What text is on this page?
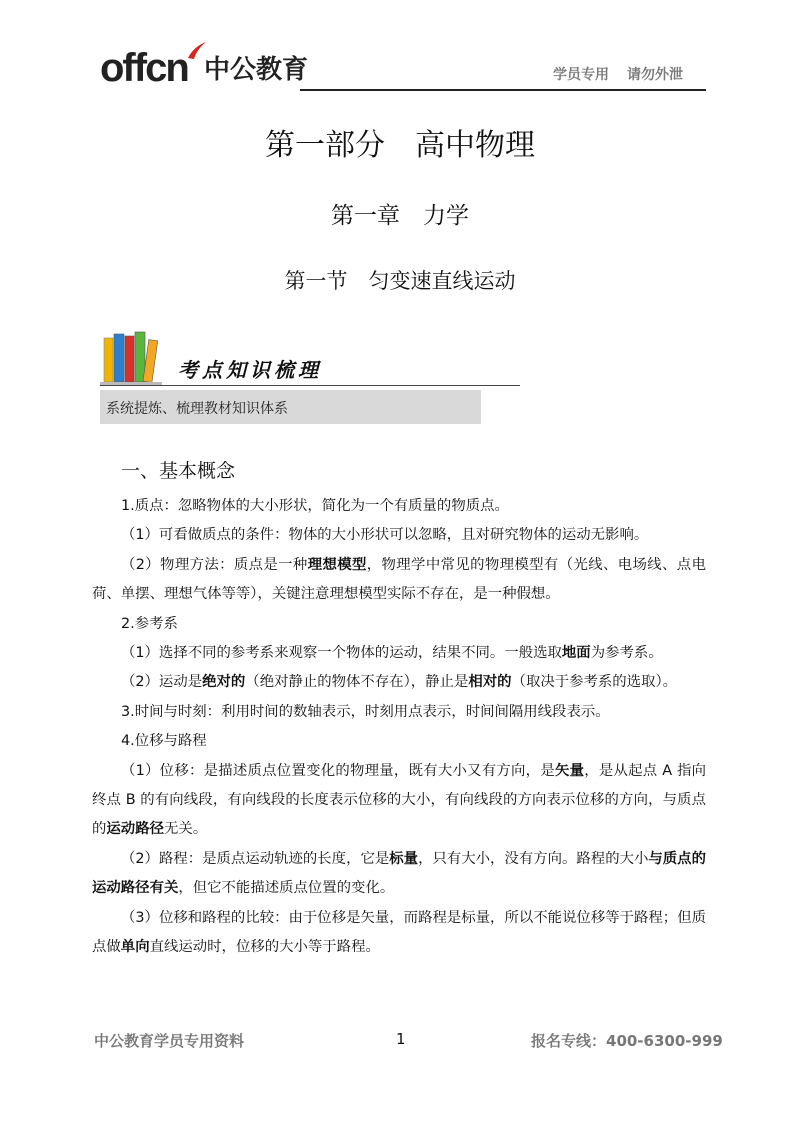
offcn 中公教育	学员专用 请勿外泄
第一部分　高中物理
第一章　力学
第一节　匀变速直线运动
考点知识梳理
系统提炼、梳理教材知识体系
一、基本概念

1.质点：忽略物体的大小形状，简化为一个有质量的物质点。

（1）可看做质点的条件：物体的大小形状可以忽略，且对研究物体的运动无影响。

（2）物理方法：质点是一种理想模型，物理学中常见的物理模型有（光线、电场线、点电荷、单摆、理想气体等等），关键注意理想模型实际不存在，是一种假想。

2.参考系

（1）选择不同的参考系来观察一个物体的运动，结果不同。一般选取地面为参考系。

（2）运动是绝对的（绝对静止的物体不存在），静止是相对的（取决于参考系的选取）。

3.时间与时刻：利用时间的数轴表示，时刻用点表示，时间间隔用线段表示。

4.位移与路程

（1）位移：是描述质点位置变化的物理量，既有大小又有方向，是矢量，是从起点 A 指向终点 B 的有向线段，有向线段的长度表示位移的大小，有向线段的方向表示位移的方向，与质点的运动路径无关。

（2）路程：是质点运动轨迹的长度，它是标量，只有大小，没有方向。路程的大小与质点的运动路径有关，但它不能描述质点位置的变化。

（3）位移和路程的比较：由于位移是矢量，而路程是标量，所以不能说位移等于路程；但质点做单向直线运动时，位移的大小等于路程。

中公教育学员专用资料	1	报名专线：400-6300-999
